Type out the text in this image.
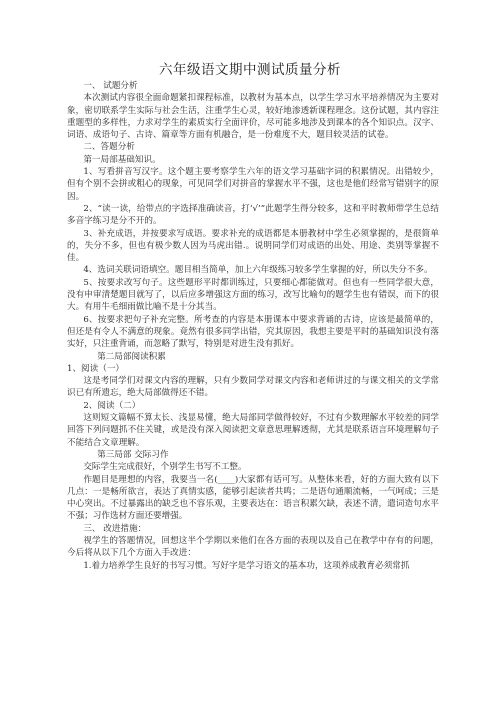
六年级语文期中测试质量分析

一、 试题分析

本次测试内容很全面命题紧扣课程标准，以教材为基本点，以学生学习水平培养情况为主要对象，密切联系学生实际与社会生活，注重学生心灵，较好地渗透新课程理念。这份试题，其内容注重题型的多样性，力求对学生的素质实行全面评价，尽可能多地涉及到课本的各个知识点。汉字、词语、成语句子、古诗、篇章等方面有机融合，是一份难度不大，题目较灵活的试卷。

二、答题分析

第一局部基础知识。

1、写看拼音写汉字。这个题主要考察学生六年的语文学习基础字词的积累情况。出错较少，但有个别不会拼或粗心的现象，可见同学们对拼音的掌握水平不强，这也是他们经常写错别字的原因。

2、“读一读，给带点的字选择准确读音，打‘√’”此题学生得分较多，这和平时教师带学生总结多音字练习是分不开的。

3、补充成语，并按要求写成语。要求补充的成语都是本册教材中学生必须掌握的，是很简单的，失分不多，但也有极少数人因为马虎出错.。说明同学们对成语的出处、用途、类别等掌握不佳。

4、选词关联词语填空。题目相当简单，加上六年级练习较多学生掌握的好，所以失分不多。

5、按要求改写句子。这些题形平时都训练过，只要细心都能做对。但也有一些同学很大意，没有申审清楚题目就写了，以后应多增强这方面的练习，改写比喻句的题学生也有错误，而下的很大。有用牛毛细雨做比喻不是十分其当。

6、按要求把句子补充完整。所考查的内容是本册课本中要求背诵的古诗，应该是最简单的，但还是有令人不满意的现象。竟然有很多同学出错，究其原因，我想主要是平时的基础知识没有落实好，只注重背诵，而忽略了默写，特别是对进生没有抓好。

第二局部阅读积累

1、阅读（一）

这是考同学们对课文内容的理解，只有少数同学对课文内容和老师讲过的与课文相关的文学常识已有所遗忘，绝大局部做得还不错。

2、阅读（二）

这则短文篇幅不算太长、浅显易懂，绝大局部同学做得较好，不过有少数理解水平较差的同学回答下列问题抓不住关键，或是没有深入阅读把文章意思理解透彻，尤其是联系语言环境理解句子不能结合文章理解。

第三局部 交际习作

交际学生完成很好，个别学生书写不工整。

作题目是理想的内容，我要当一名(____)大家都有话可写。从整体来看，好的方面大致有以下几点：一是畅所欲言，表达了真情实感，能够引起读者共鸣；二是语句通顺流畅，一气呵成；三是中心突出。不过暴露出的缺乏也不容乐观，主要表达在：语言积累欠缺，表述不清，遣词造句水平不强；习作选材方面还要增强。

三、 改进措施：

视学生的答题情况，回想这半个学期以来他们在各方面的表现以及自己在教学中存有的问题，今后将从以下几个方面入手改进：

1.着力培养学生良好的书写习惯。写好字是学习语文的基本功，这项养成教育必须常抓
